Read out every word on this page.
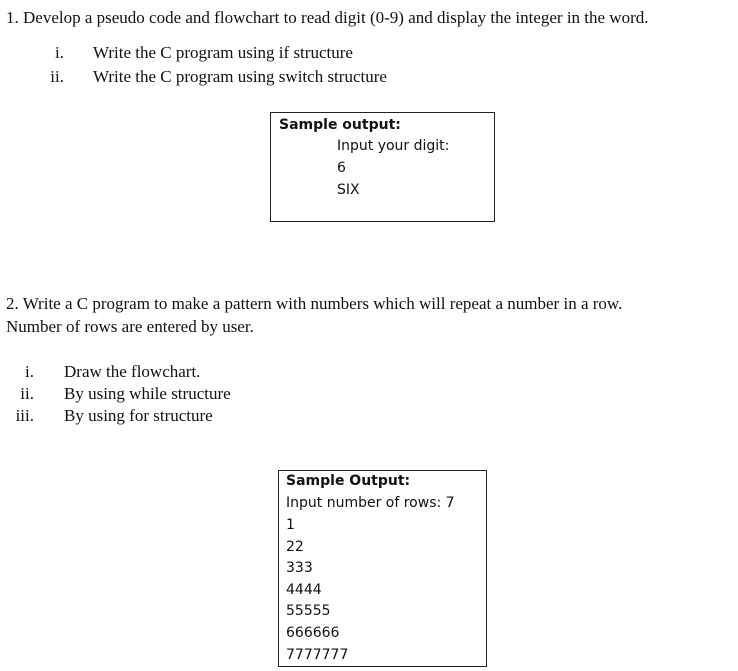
1. Develop a pseudo code and flowchart to read digit (0-9) and display the integer in the word.
i. Write the C program using if structure
ii. Write the C program using switch structure
Sample output:
Input your digit:
6
SIX
2. Write a C program to make a pattern with numbers which will repeat a number in a row.
Number of rows are entered by user.
i. Draw the flowchart.
ii. By using while structure
iii. By using for structure
Sample Output:
Input number of rows: 7
1
22
333
4444
55555
666666
7777777
